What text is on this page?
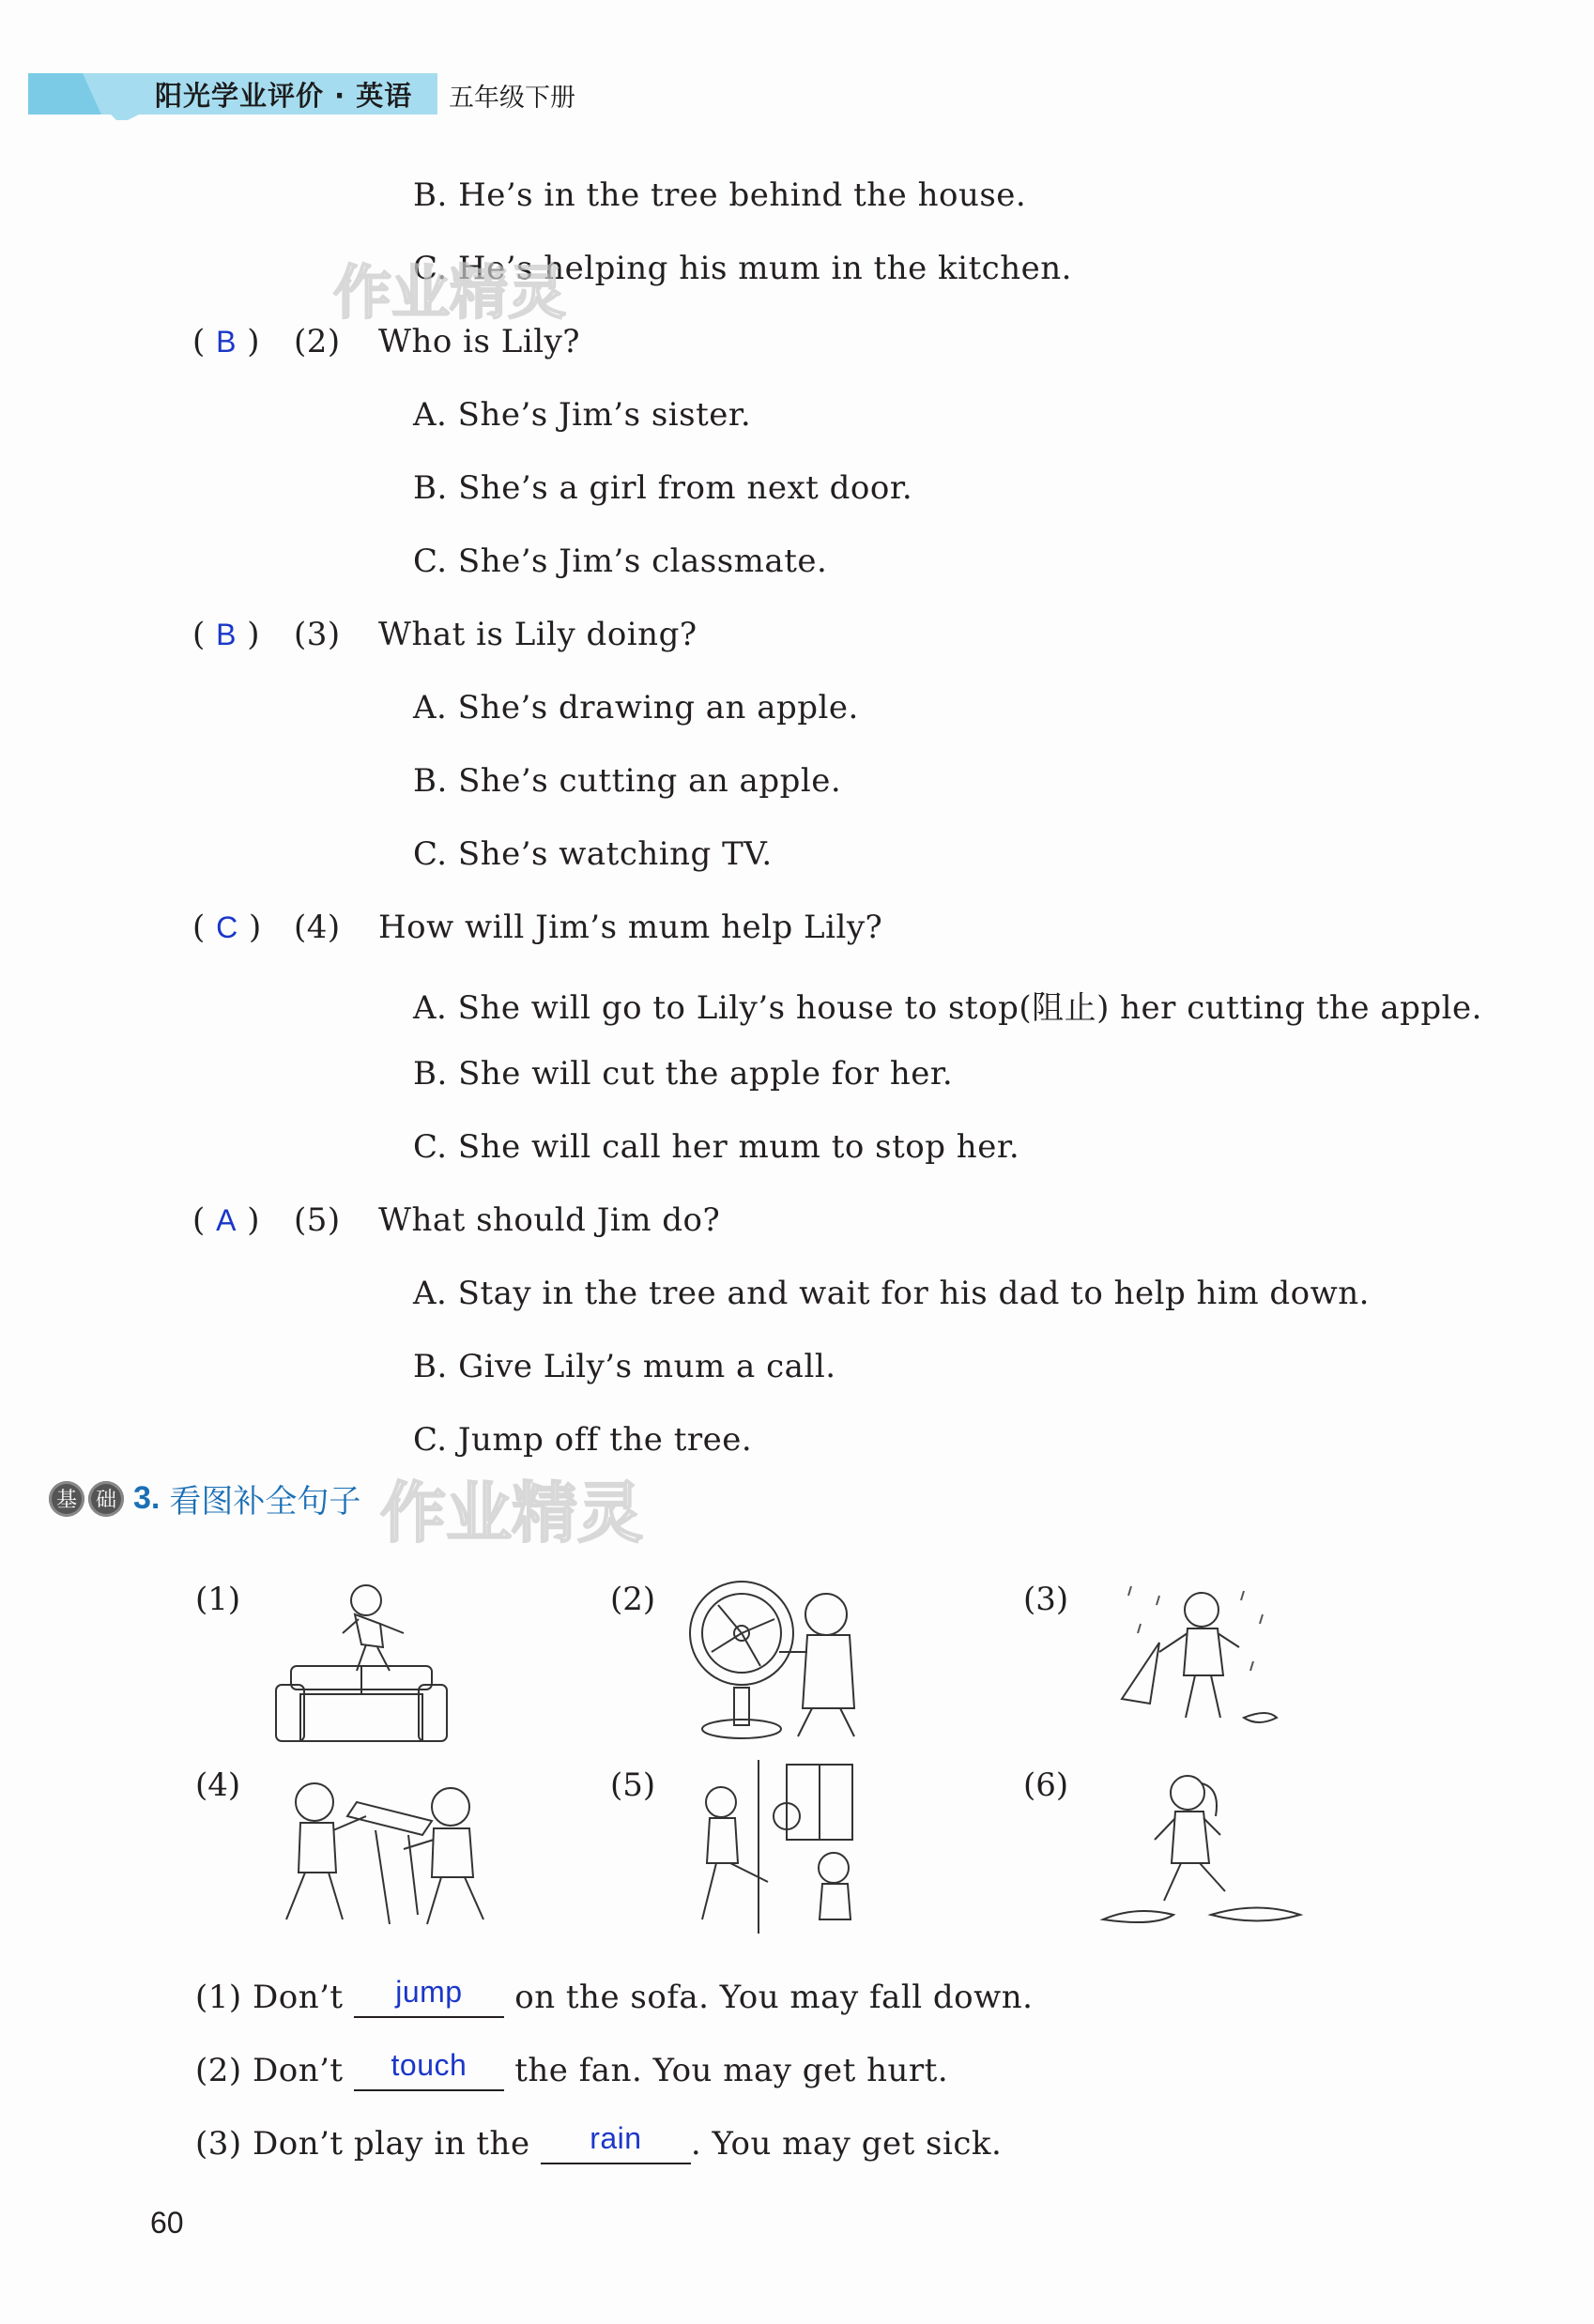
阳光学业评价 · 英语 五年级下册
B. He’s in the tree behind the house.
C. He’s helping his mum in the kitchen.
( B ) (2) Who is Lily?
A. She’s Jim’s sister.
B. She’s a girl from next door.
C. She’s Jim’s classmate.
( B ) (3) What is Lily doing?
A. She’s drawing an apple.
B. She’s cutting an apple.
C. She’s watching TV.
( C ) (4) How will Jim’s mum help Lily?
A. She will go to Lily’s house to stop(阻止) her cutting the apple.
B. She will cut the apple for her.
C. She will call her mum to stop her.
( A ) (5) What should Jim do?
A. Stay in the tree and wait for his dad to help him down.
B. Give Lily’s mum a call.
C. Jump off the tree.
基 础 3. 看图补全句子
(1)	(2)	(3)
(4)	(5)	(6)
(1) Don’t jump on the sofa. You may fall down.
(2) Don’t touch the fan. You may get hurt.
(3) Don’t play in the rain . You may get sick.
作业精灵
作业精灵
60
